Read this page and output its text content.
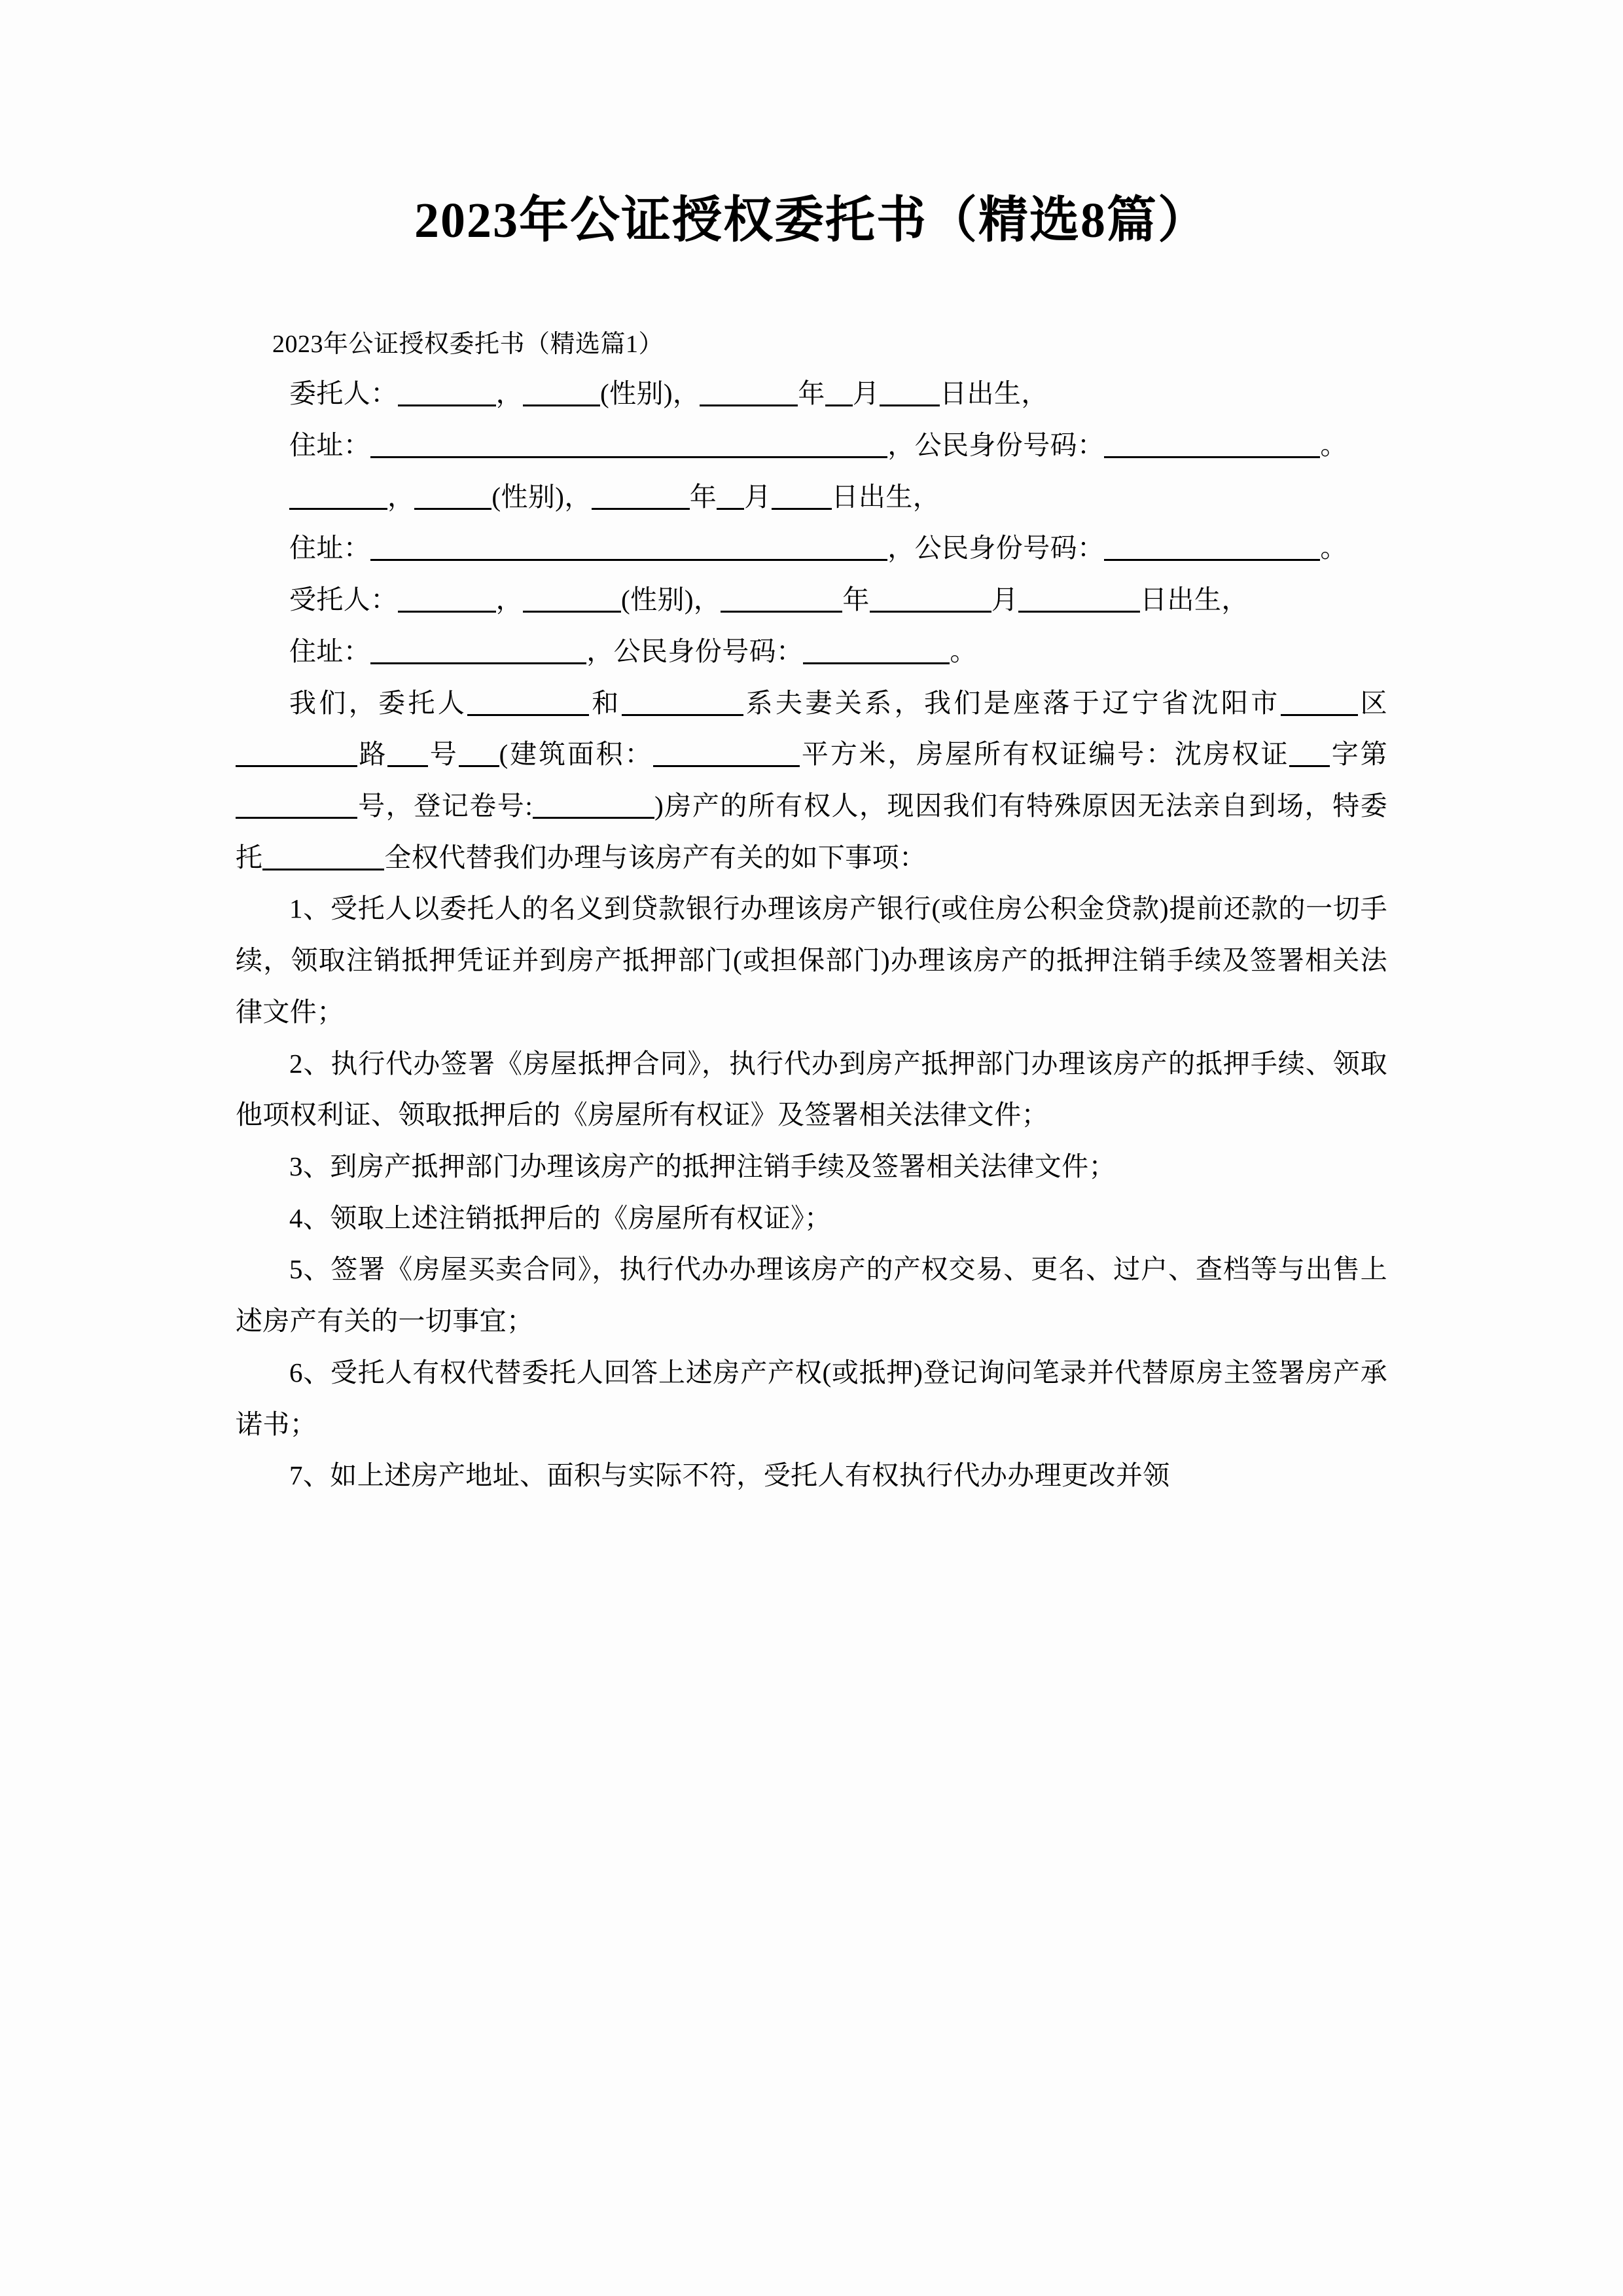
2023年公证授权委托书（精选8篇）

2023年公证授权委托书（精选篇1）

委托人：	，	(性别)，	年 月 日出生，

住址：	，公民身份号码：	。

，	(性别)，	年 月 日出生，

住址：	，公民身份号码：	。

受托人：	，	(性别)，	年	月	日出生，

住址：	，公民身份号码：	。

我们，委托人	和	系夫妻关系，我们是座落于辽宁省沈阳市	区路 号 (建筑面积：	平方米，房屋所有权证编号：沈房权证 字第号，登记卷号:	)房产的所有权人，现因我们有特殊原因无法亲自到场，特委托	全权代替我们办理与该房产有关的如下事项：

1、受托人以委托人的名义到贷款银行办理该房产银行(或住房公积金贷款)提前还款的一切手续，领取注销抵押凭证并到房产抵押部门(或担保部门)办理该房产的抵押注销手续及签署相关法律文件；

2、执行代办签署《房屋抵押合同》，执行代办到房产抵押部门办理该房产的抵押手续、领取他项权利证、领取抵押后的《房屋所有权证》及签署相关法律文件；

3、到房产抵押部门办理该房产的抵押注销手续及签署相关法律文件；

4、领取上述注销抵押后的《房屋所有权证》；

5、签署《房屋买卖合同》，执行代办办理该房产的产权交易、更名、过户、查档等与出售上述房产有关的一切事宜；

6、受托人有权代替委托人回答上述房产产权(或抵押)登记询问笔录并代替原房主签署房产承诺书；

7、如上述房产地址、面积与实际不符，受托人有权执行代办办理更改并领
